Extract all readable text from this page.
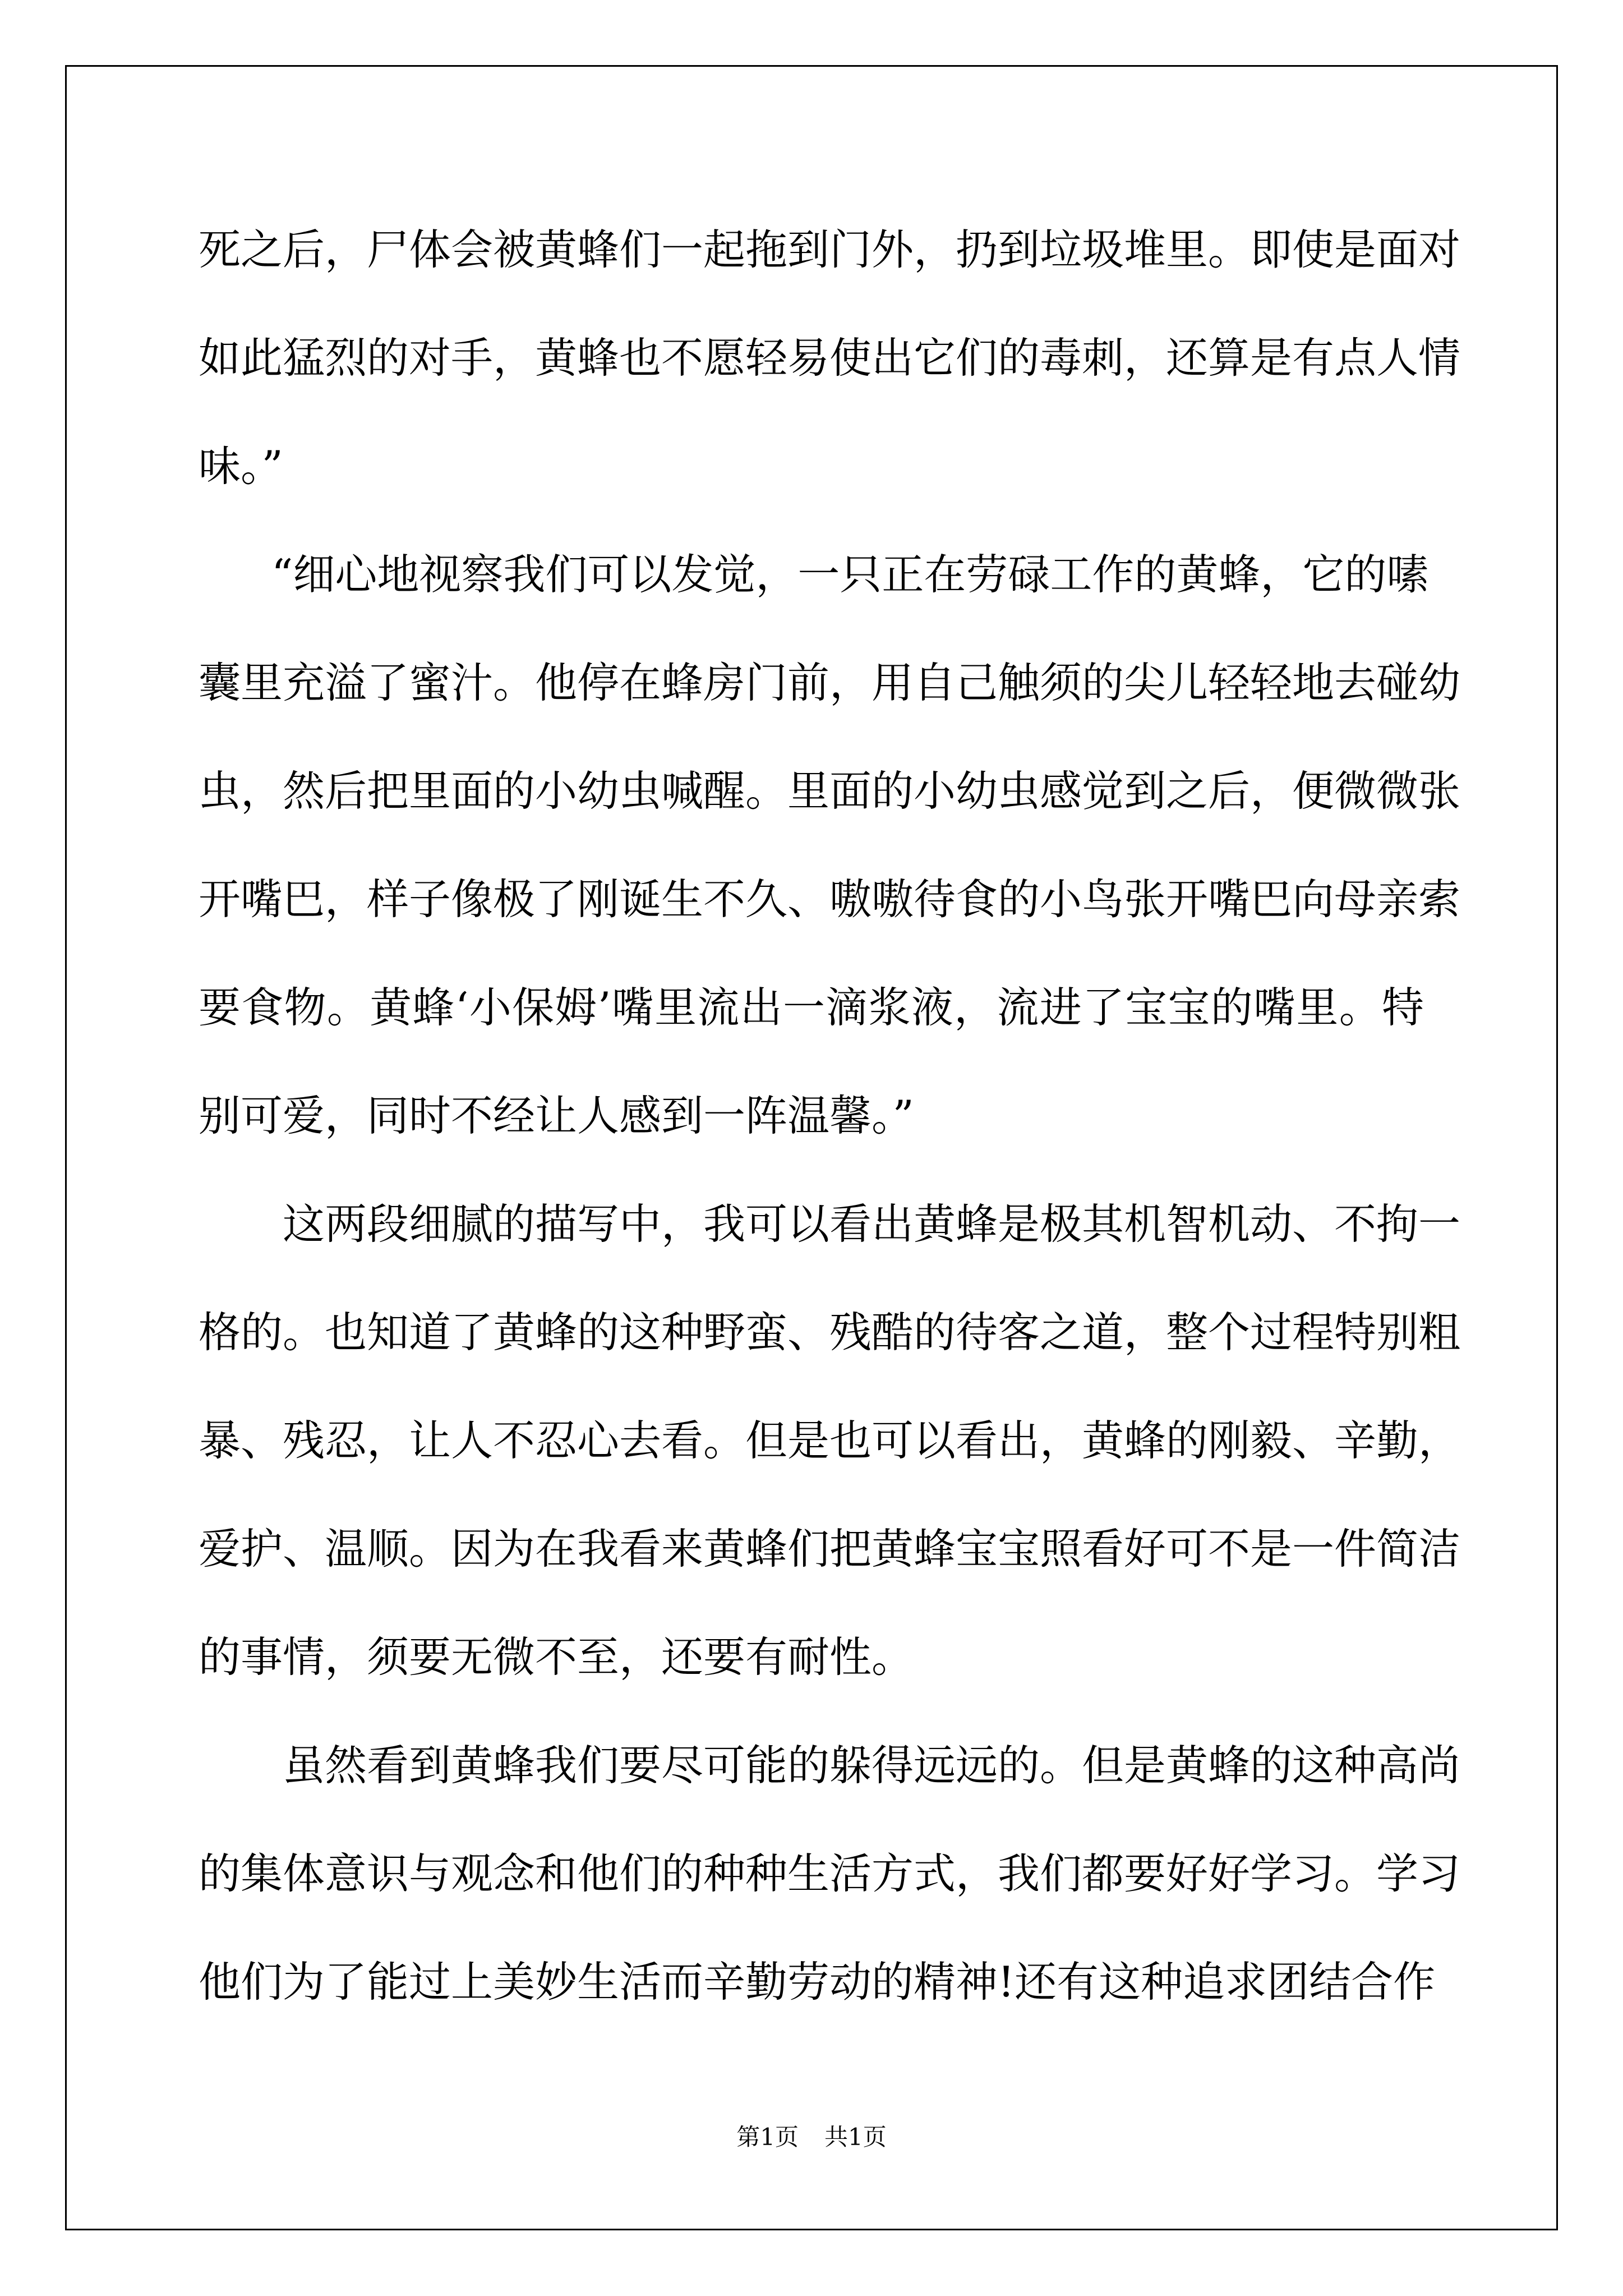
死之后，尸体会被黄蜂们一起拖到门外，扔到垃圾堆里。即使是面对
如此猛烈的对手，黄蜂也不愿轻易使出它们的毒刺，还算是有点人情
味。”
“细心地视察我们可以发觉，一只正在劳碌工作的黄蜂，它的嗉
囊里充溢了蜜汁。他停在蜂房门前，用自己触须的尖儿轻轻地去碰幼
虫，然后把里面的小幼虫喊醒。里面的小幼虫感觉到之后，便微微张
开嘴巴，样子像极了刚诞生不久、嗷嗷待食的小鸟张开嘴巴向母亲索
要食物。黄蜂‘小保姆’嘴里流出一滴浆液，流进了宝宝的嘴里。特
别可爱，同时不经让人感到一阵温馨。”
这两段细腻的描写中，我可以看出黄蜂是极其机智机动、不拘一
格的。也知道了黄蜂的这种野蛮、残酷的待客之道，整个过程特别粗
暴、残忍，让人不忍心去看。但是也可以看出，黄蜂的刚毅、辛勤，
爱护、温顺。因为在我看来黄蜂们把黄蜂宝宝照看好可不是一件简洁
的事情，须要无微不至，还要有耐性。
虽然看到黄蜂我们要尽可能的躲得远远的。但是黄蜂的这种高尚
的集体意识与观念和他们的种种生活方式，我们都要好好学习。学习
他们为了能过上美妙生活而辛勤劳动的精神!还有这种追求团结合作
第1页 共1页
